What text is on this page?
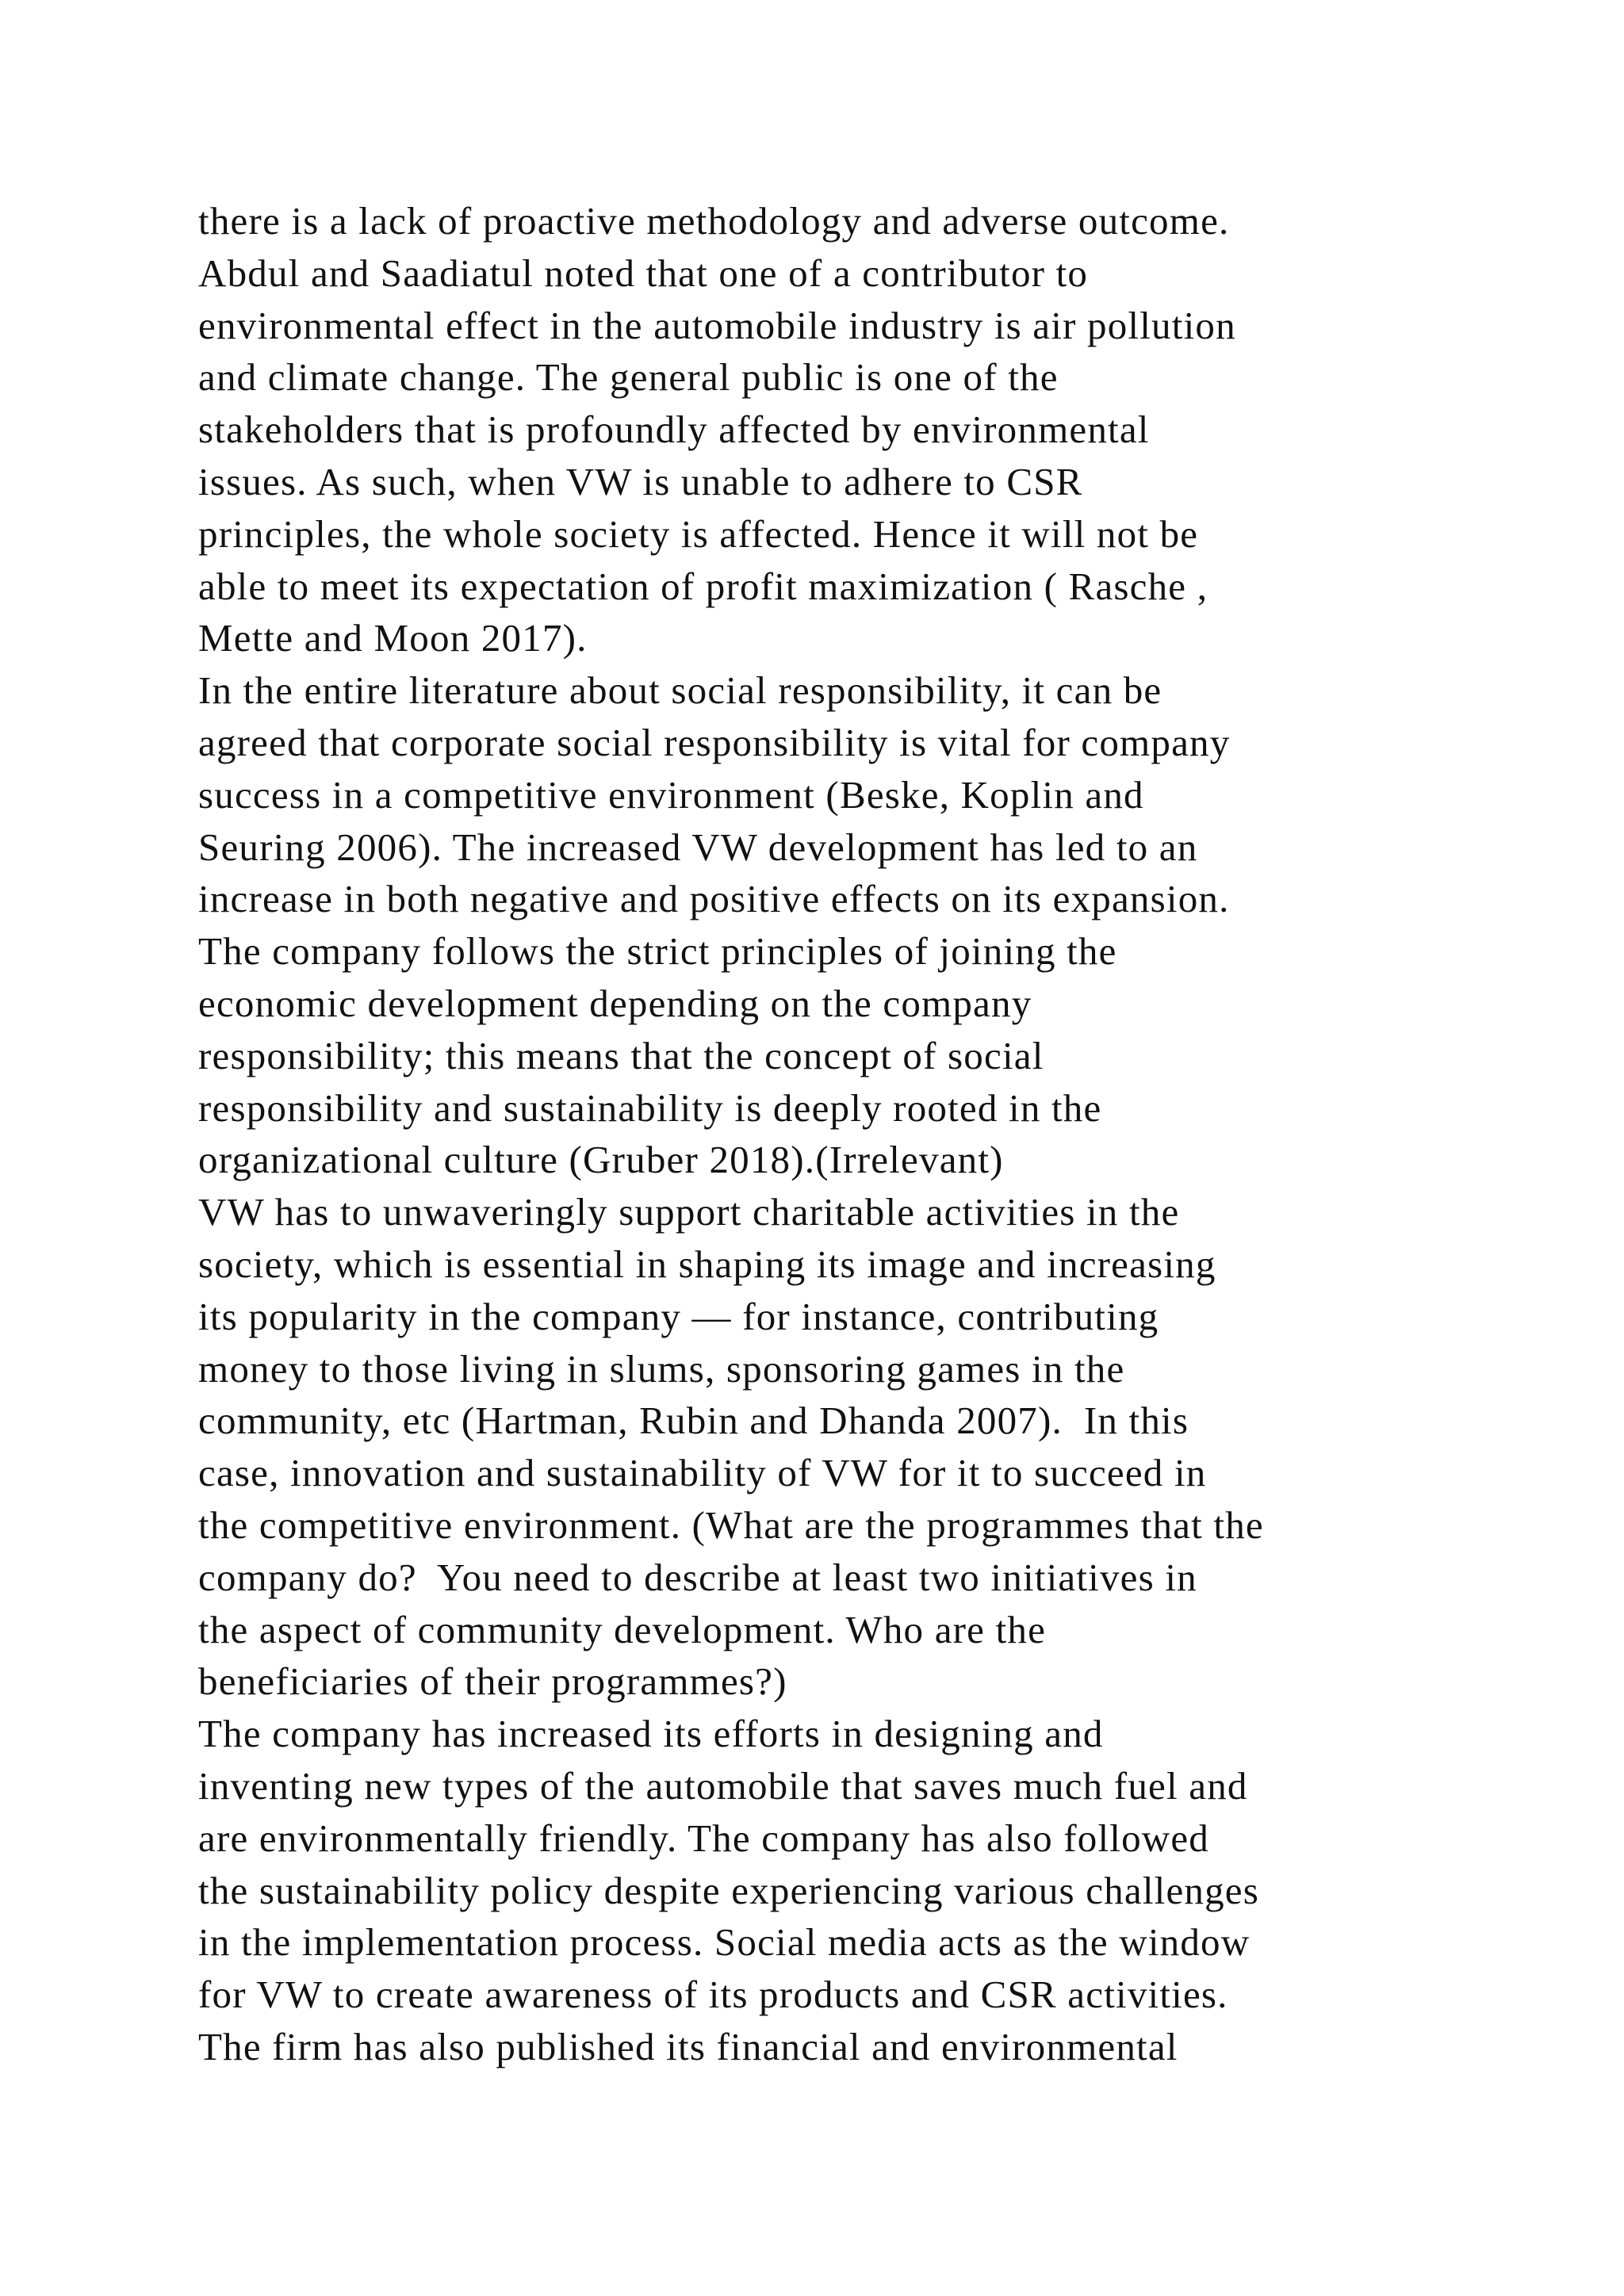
there is a lack of proactive methodology and adverse outcome.
Abdul and Saadiatul noted that one of a contributor to
environmental effect in the automobile industry is air pollution
and climate change. The general public is one of the
stakeholders that is profoundly affected by environmental
issues. As such, when VW is unable to adhere to CSR
principles, the whole society is affected. Hence it will not be
able to meet its expectation of profit maximization ( Rasche ,
Mette and Moon 2017).
In the entire literature about social responsibility, it can be
agreed that corporate social responsibility is vital for company
success in a competitive environment (Beske, Koplin and
Seuring 2006). The increased VW development has led to an
increase in both negative and positive effects on its expansion.
The company follows the strict principles of joining the
economic development depending on the company
responsibility; this means that the concept of social
responsibility and sustainability is deeply rooted in the
organizational culture (Gruber 2018).(Irrelevant)
VW has to unwaveringly support charitable activities in the
society, which is essential in shaping its image and increasing
its popularity in the company — for instance, contributing
money to those living in slums, sponsoring games in the
community, etc (Hartman, Rubin and Dhanda 2007).  In this
case, innovation and sustainability of VW for it to succeed in
the competitive environment. (What are the programmes that the
company do?  You need to describe at least two initiatives in
the aspect of community development. Who are the
beneficiaries of their programmes?)
The company has increased its efforts in designing and
inventing new types of the automobile that saves much fuel and
are environmentally friendly. The company has also followed
the sustainability policy despite experiencing various challenges
in the implementation process. Social media acts as the window
for VW to create awareness of its products and CSR activities.
The firm has also published its financial and environmental
